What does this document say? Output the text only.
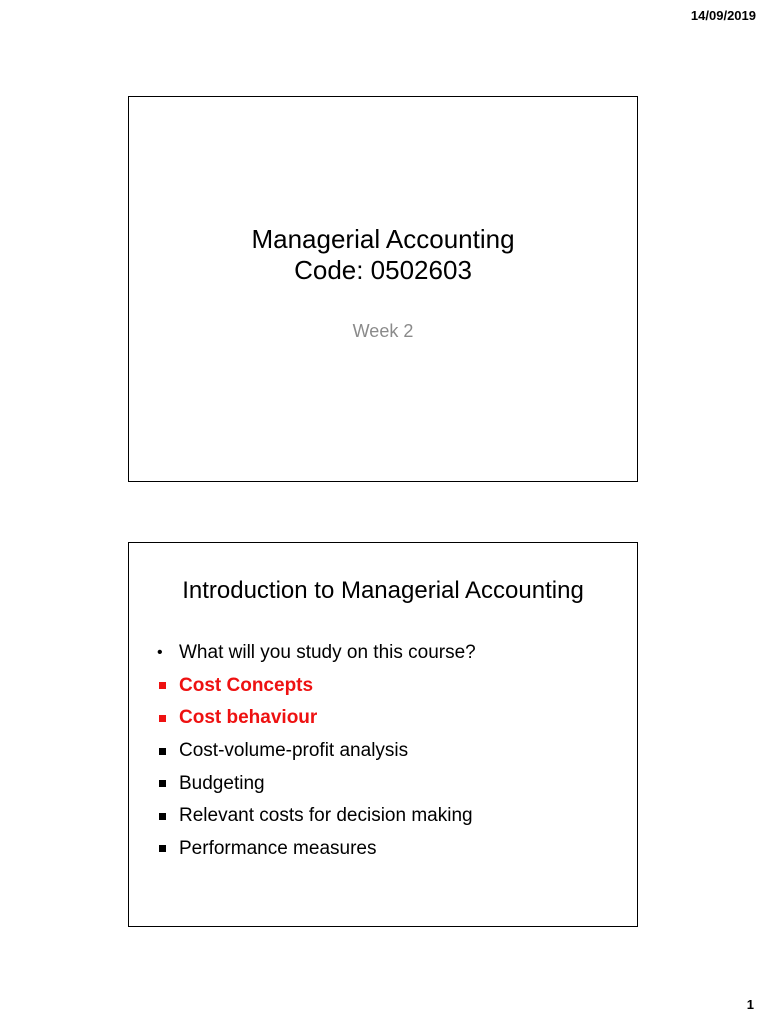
14/09/2019
Managerial Accounting
Code: 0502603
Week 2
Introduction to Managerial Accounting
• What will you study on this course?
Cost Concepts
Cost behaviour
Cost-volume-profit analysis
Budgeting
Relevant costs for decision making
Performance measures
1
